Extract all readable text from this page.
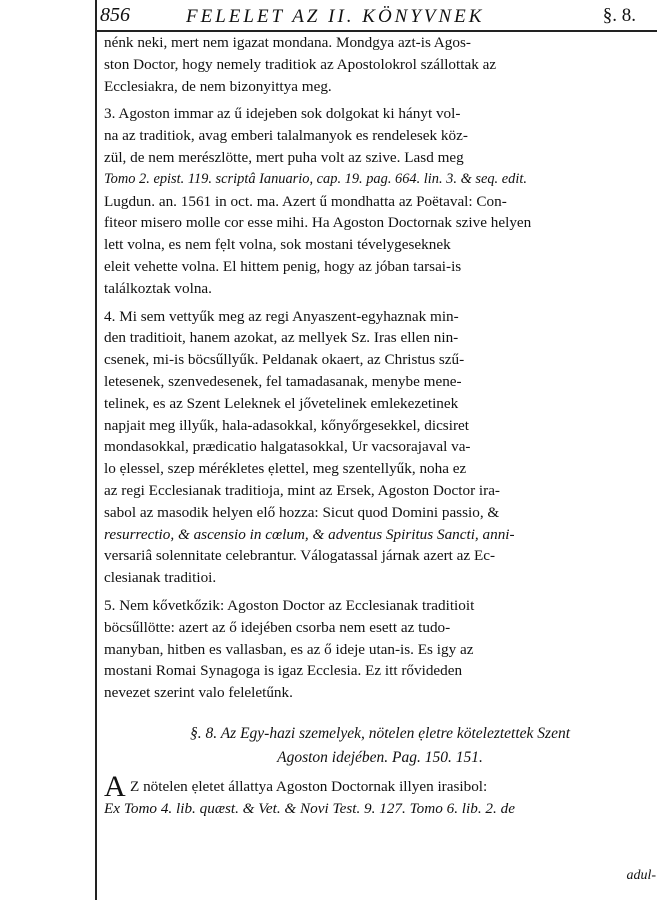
856	FELELET AZ II. KÖNYVNEK	§. 8.
nénk neki, mert nem igazat mondana. Mondgya azt-is Agos-
ston Doctor, hogy nemely traditiok az Apostolokrol szállottak az
Ecclesiakra, de nem bizonyittya meg.
3. Agoston immar az ű idejeben sok dolgokat ki hányt vol-
na az traditiok, avag emberi talalmanyok es rendelesek köz-
zül, de nem merészlötte, mert puha volt az szive. Lasd meg
Tomo 2. epist. 119. scriptâ Ianuario, cap. 19. pag. 664. lin. 3. & seq. edit.
Lugdun. an. 1561 in oct. ma. Azert ű mondhatta az Poëtaval: Con-
fiteor misero molle cor esse mihi. Ha Agoston Doctornak szive helyen
lett volna, es nem fẹlt volna, sok mostani tévelygeseknek
eleit vehette volna. El hittem penig, hogy az jóban tarsai-is
találkoztak volna.
4. Mi sem vettyűk meg az regi Anyaszent-egyhaznak min-
den traditioit, hanem azokat, az mellyek Sz. Iras ellen nin-
csenek, mi-is böcsűllyűk. Peldanak okaert, az Christus szű-
letesenek, szenvedesenek, fel tamadasanak, menybe mene-
telinek, es az Szent Leleknek el jővetelinek emlekezetinek
napjait meg illyűk, hala-adasokkal, kőnyőrgesekkel, dicsiret
mondasokkal, prædicatio halgatasokkal, Ur vacsorajaval va-
lo ẹlessel, szep mérékletes ẹlettel, meg szentellyűk, noha ez
az regi Ecclesianak traditioja, mint az Ersek, Agoston Doctor ira-
sabol az masodik helyen elő hozza: Sicut quod Domini passio, &
resurrectio, & ascensio in cœlum, & adventus Spiritus Sancti, anni-
versariâ solennitate celebrantur. Válogatassal járnak azert az Ec-
clesianak traditioi.
5. Nem kővetkőzik: Agoston Doctor az Ecclesianak traditioit
böcsűllötte: azert az ő idejében csorba nem esett az tudo-
manyban, hitben es vallasban, es az ő ideje utan-is. Es igy az
mostani Romai Synagoga is igaz Ecclesia. Ez itt rővideden
nevezet szerint valo feleletűnk.
§. 8. Az Egy-hazi szemelyek, nötelen ẹletre köteleztettek Szent
Agoston idejében. Pag. 150. 151.
A Z nötelen ẹletet állattya Agoston Doctornak illyen irasibol:
Ex Tomo 4. lib. quæst. & Vet. & Novi Test. 9. 127. Tomo 6. lib. 2. de
adul-
